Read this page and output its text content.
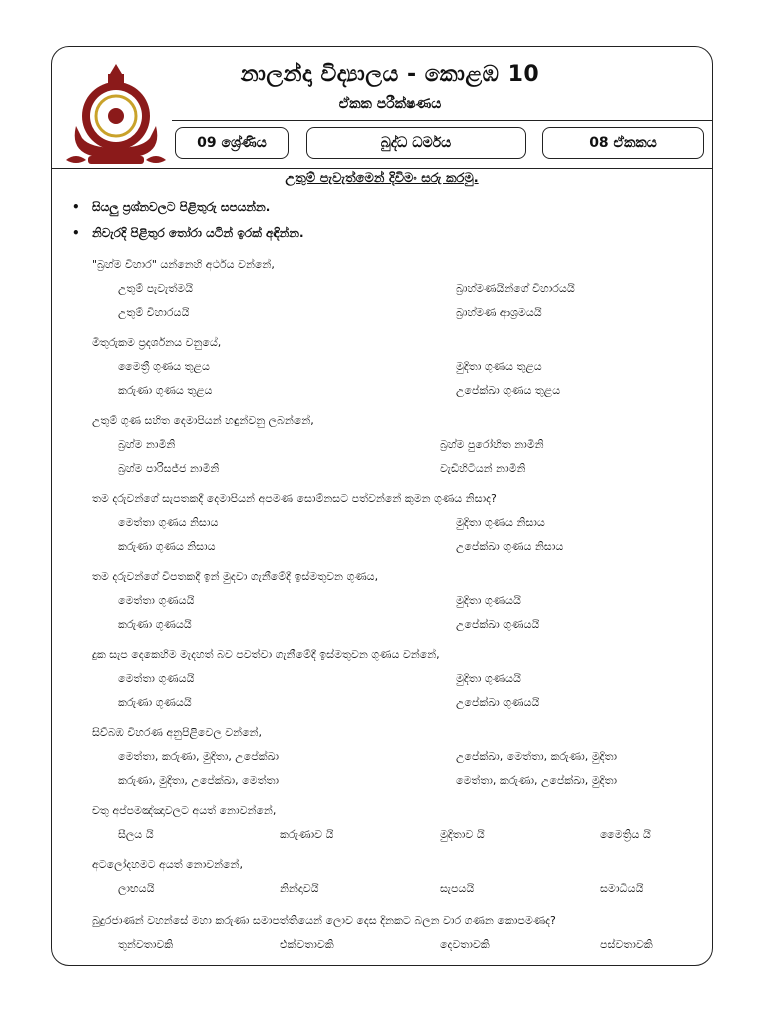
නාලන්දා විද්‍යාලය - කොළඹ 10
ඒකක පරීක්ෂණය
09 ශ්‍රේණිය	බුද්ධ ධර්මය	08 ඒකකය
උතුම් පැවැත්මෙන් දිවිමං සරු කරමු.
• සියලු ප්‍රශ්නවලට පිළිතුරු සපයන්න.
• නිවැරදි පිළිතුර තෝරා යටින් ඉරක් අඳින්න.
"බ්‍රහ්ම විහාර" යන්නෙහි අර්ථය වන්නේ,
උතුම් පැවැත්මයි	බ්‍රාහ්මණයින්ගේ විහාරයයි
උතුම් විහාරයයි	බ්‍රාහ්මණ ආශ්‍රමයයි
මිතුරුකම ප්‍රදර්ශනය වනුයේ,
මෛත්‍රී ගුණය තුළය	මුදිතා ගුණය තුළය
කරුණා ගුණය තුළය	උපේක්ඛා ගුණය තුළය
උතුම් ගුණ සහිත දෙමාපියන් හඳුන්වනු ලබන්නේ,
බ්‍රහ්ම නාමිනි	බ්‍රහ්ම පුරෝහිත නාමිනි
බ්‍රහ්ම පාරිසජ්ජ නාමිනි	වැඩිහිටියන් නාමිනි
තම දරුවන්ගේ සැපතකදී දෙමාපියන් අපමණ සොම්නසට පත්වන්නේ කුමන ගුණය නිසාද?
මෙත්තා ගුණය නිසාය	මුදිතා ගුණය නිසාය
කරුණා ගුණය නිසාය	උපේක්ඛා ගුණය නිසාය
තම දරුවන්ගේ විපතකදී ඉන් මුදවා ගැනීමේදී ඉස්මතුවන ගුණය,
මෙත්තා ගුණයයි	මුදිතා ගුණයයි
කරුණා ගුණයයි	උපේක්ඛා ගුණයයි
දුක සැප දෙකෙහිම මැදහත් බව පවත්වා ගැනීමේදී ඉස්මතුවන ගුණය වන්නේ,
මෙත්තා ගුණයයි	මුදිතා ගුණයයි
කරුණා ගුණයයි	උපේක්ඛා ගුණයයි
සිව්බඹ විහරණ අනුපිළිවෙල වන්නේ,
මෙත්තා, කරුණා, මුදිතා, උපේක්ඛා	උපේක්ඛා, මෙත්තා, කරුණා, මුදිතා
කරුණා, මුදිතා, උපේක්ඛා, මෙත්තා	මෙත්තා, කරුණා, උපේක්ඛා, මුදිතා
චතු අප්පමඤ්ඤාවලට අයත් නොවන්නේ,
සීලය යි	කරුණාව යි	මුදිතාව යි	මෛත්‍රිය යි
අටලෝදහමට අයත් නොවන්නේ,
ලාභයයි	නින්දාවයි	සැපයයි	සමාධියයි
බුදුරජාණන් වහන්සේ මහා කරුණා සමාපත්තියෙන් ලොව දෙස දිනකට බලන වාර ගණන කොපමණද?
තුන්වතාවකි	එක්වතාවකි	දෙවතාවකි	පස්වතාවකි
